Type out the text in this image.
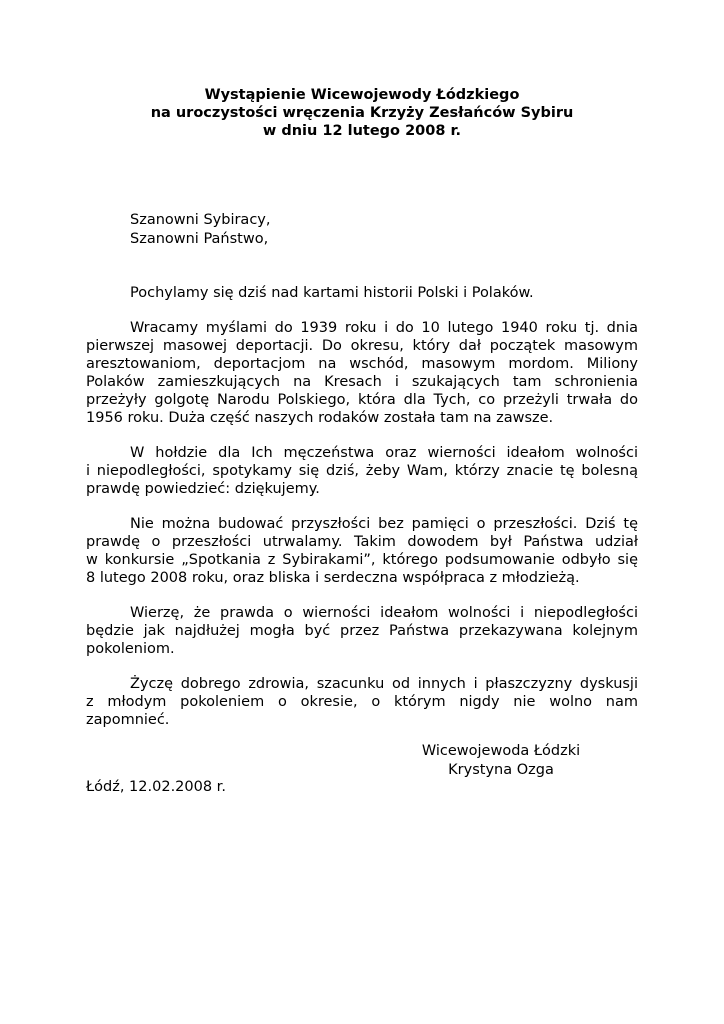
Wystąpienie Wicewojewody Łódzkiego
na uroczystości wręczenia Krzyży Zesłańców Sybiru
w dniu 12 lutego 2008 r.
Szanowni Sybiracy,
Szanowni Państwo,
Pochylamy się dziś nad kartami historii Polski i Polaków.
Wracamy myślami do 1939 roku i do 10 lutego 1940 roku tj. dnia
pierwszej masowej deportacji. Do okresu, który dał początek masowym
aresztowaniom, deportacjom na wschód, masowym mordom. Miliony
Polaków zamieszkujących na Kresach i szukających tam schronienia
przeżyły golgotę Narodu Polskiego, która dla Tych, co przeżyli trwała do
1956 roku. Duża część naszych rodaków została tam na zawsze.
W hołdzie dla Ich męczeństwa oraz wierności ideałom wolności
i niepodległości, spotykamy się dziś, żeby Wam, którzy znacie tę bolesną
prawdę powiedzieć: dziękujemy.
Nie można budować przyszłości bez pamięci o przeszłości. Dziś tę
prawdę o przeszłości utrwalamy. Takim dowodem był Państwa udział
w konkursie „Spotkania z Sybirakami”, którego podsumowanie odbyło się
8 lutego 2008 roku, oraz bliska i serdeczna współpraca z młodzieżą.
Wierzę, że prawda o wierności ideałom wolności i niepodległości
będzie jak najdłużej mogła być przez Państwa przekazywana kolejnym
pokoleniom.
Życzę dobrego zdrowia, szacunku od innych i płaszczyzny dyskusji
z młodym pokoleniem o okresie, o którym nigdy nie wolno nam
zapomnieć.
Wicewojewoda Łódzki
Krystyna Ozga
Łódź, 12.02.2008 r.
